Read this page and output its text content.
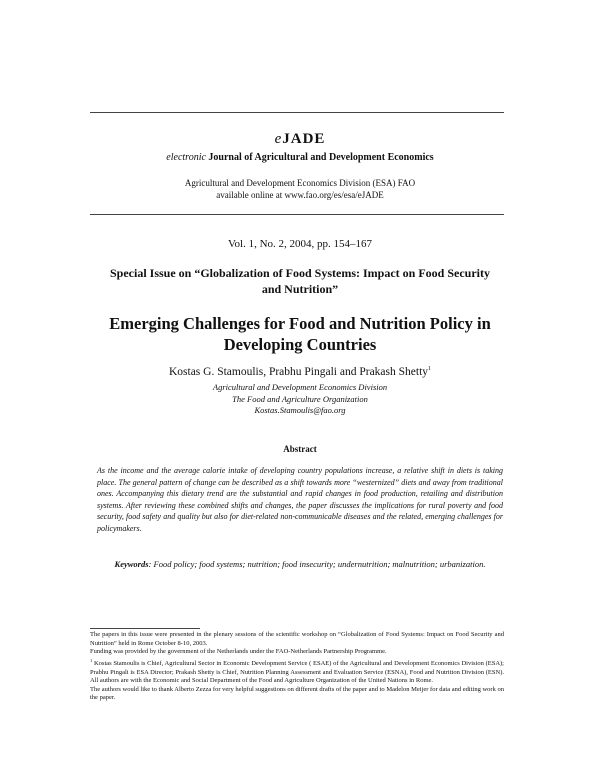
eJADE
electronic Journal of Agricultural and Development Economics
Agricultural and Development Economics Division (ESA) FAO
available online at www.fao.org/es/esa/eJADE
Vol. 1, No. 2, 2004, pp. 154–167
Special Issue on “Globalization of Food Systems: Impact on Food Security and Nutrition”
Emerging Challenges for Food and Nutrition Policy in Developing Countries
Kostas G. Stamoulis, Prabhu Pingali and Prakash Shetty$^1$
Agricultural and Development Economics Division
The Food and Agriculture Organization
Kostas.Stamoulis@fao.org
Abstract
As the income and the average calorie intake of developing country populations increase, a relative shift in diets is taking place. The general pattern of change can be described as a shift towards more “westernized” diets and away from traditional ones. Accompanying this dietary trend are the substantial and rapid changes in food production, retailing and distribution systems. After reviewing these combined shifts and changes, the paper discusses the implications for rural poverty and food security, food safety and quality but also for diet-related non-communicable diseases and the related, emerging challenges for policymakers.
Keywords: Food policy; food systems; nutrition; food insecurity; undernutrition; malnutrition; urbanization.

The papers in this issue were presented in the plenary sessions of the scientific workshop on “Globalization of Food Systems: Impact on Food Security and Nutrition” held in Rome October 8-10, 2003.

Funding was provided by the government of the Netherlands under the FAO-Netherlands Partnership Programme.

$^1$ Kostas Stamoulis is Chief, Agricultural Sector in Economic Development Service ( ESAE) of the Agricultural and Development Economics Division (ESA); Prabhu Pingali is ESA Director; Prakash Shetty is Chief, Nutrition Planning Assessment and Evaluation Service (ESNA), Food and Nutrition Division (ESN). All authors are with the Economic and Social Department of the Food and Agriculture Organization of the United Nations in Rome.

The authors would like to thank Alberto Zezza for very helpful suggestions on different drafts of the paper and to Madelon Meijer for data and editing work on the paper.
